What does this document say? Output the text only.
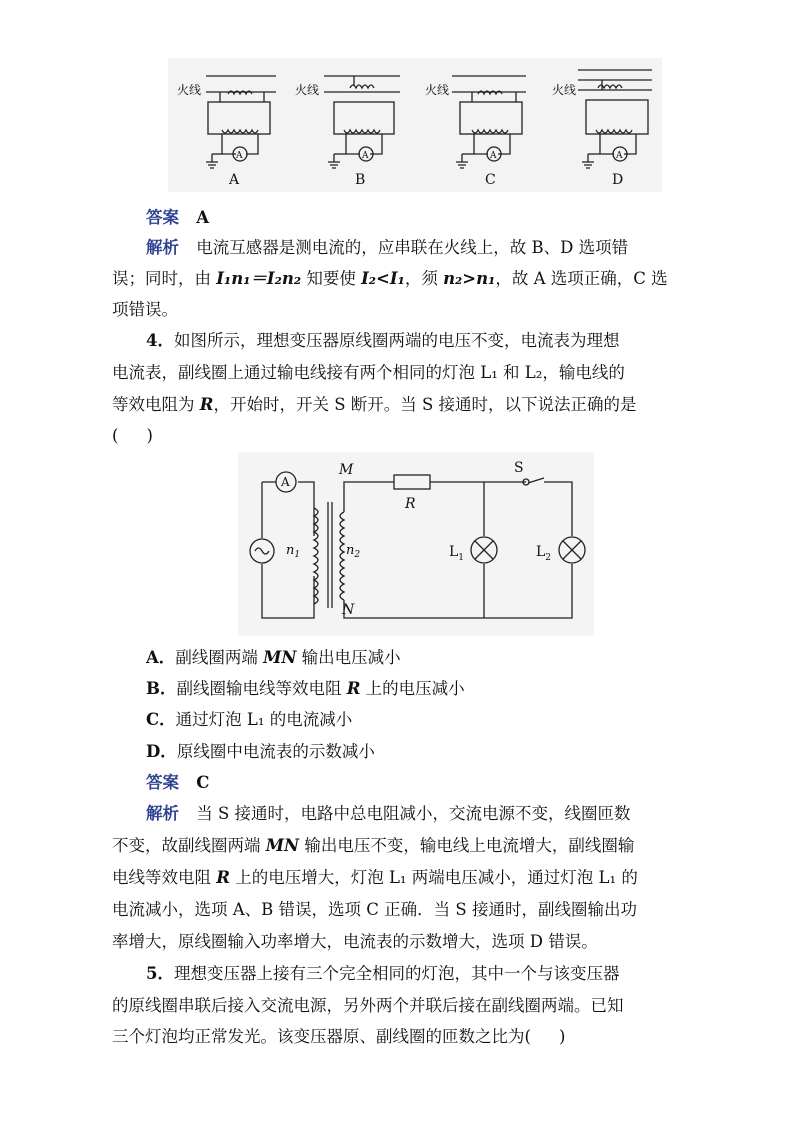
火线	火线	火线	火线
A	A	A	A
A	B	C	D
答案 A
解析 电流互感器是测电流的，应串联在火线上，故 B、D 选项错
误；同时，由 I₁n₁＝I₂n₂ 知要使 I₂<I₁，须 n₂>n₁，故 A 选项正确，C 选
项错误。
4．如图所示，理想变压器原线圈两端的电压不变，电流表为理想
电流表，副线圈上通过输电线接有两个相同的灯泡 L₁ 和 L₂，输电线的
等效电阻为 R，开始时，开关 S 断开。当 S 接通时，以下说法正确的是
( )
A
M
N
R
S
$n_1$	$n_2$	$L_1$	$L_2$
A．副线圈两端 MN 输出电压减小
B．副线圈输电线等效电阻 R 上的电压减小
C．通过灯泡 L₁ 的电流减小
D．原线圈中电流表的示数减小
答案 C
解析 当 S 接通时，电路中总电阻减小，交流电源不变，线圈匝数
不变，故副线圈两端 MN 输出电压不变，输电线上电流增大，副线圈输
电线等效电阻 R 上的电压增大，灯泡 L₁ 两端电压减小，通过灯泡 L₁ 的
电流减小，选项 A、B 错误，选项 C 正确．当 S 接通时，副线圈输出功
率增大，原线圈输入功率增大，电流表的示数增大，选项 D 错误。
5．理想变压器上接有三个完全相同的灯泡，其中一个与该变压器
的原线圈串联后接入交流电源，另外两个并联后接在副线圈两端。已知
三个灯泡均正常发光。该变压器原、副线圈的匝数之比为( )
